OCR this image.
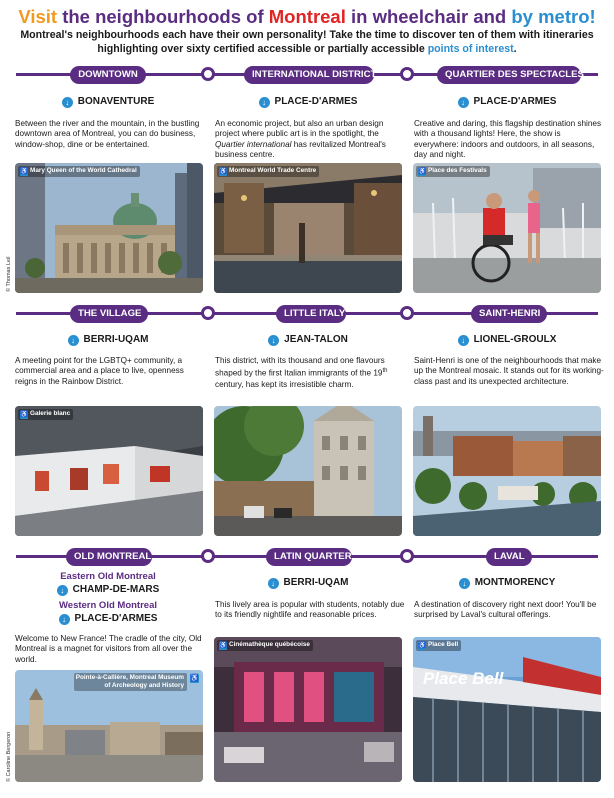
Visit the neighbourhoods of Montreal in wheelchair and by metro!
Montreal's neighbourhoods each have their own personality! Take the time to discover ten of them with itineraries highlighting over sixty certified accessible or partially accessible points of interest.
DOWNTOWN	INTERNATIONAL DISTRICT	QUARTIER DES SPECTACLES
↓ BONAVENTURE	↓ PLACE-D'ARMES	↓ PLACE-D'ARMES
Between the river and the mountain, in the bustling downtown area of Montreal, you can do business, window-shop, dine or be entertained.
An economic project, but also an urban design project where public art is in the spotlight, the Quartier international has revitalized Montreal's business centre.
Creative and daring, this flagship destination shines with a thousand lights! Here, the show is everywhere: indoors and outdoors, in all seasons, day and night.
♿ Mary Queen of the World Cathedral	♿ Montreal World Trade Centre	♿ Place des Festivals
© Thomas Leil
THE VILLAGE	LITTLE ITALY	SAINT-HENRI
↓ BERRI-UQAM	↓ JEAN-TALON	↓ LIONEL-GROULX
A meeting point for the LGBTQ+ community, a commercial area and a place to live, openness reigns in the Rainbow District.
This district, with its thousand and one flavours shaped by the first Italian immigrants of the 19th century, has kept its irresistible charm.
Saint-Henri is one of the neighbourhoods that make up the Montreal mosaic. It stands out for its working-class past and its unexpected architecture.
♿ Galerie blanc
OLD MONTREAL	LATIN QUARTER	LAVAL
Eastern Old Montreal
↓ CHAMP-DE-MARS
Western Old Montreal
↓ PLACE-D'ARMES
↓ BERRI-UQAM	↓ MONTMORENCY
Welcome to New France! The cradle of the city, Old Montreal is a magnet for visitors from all over the world.
This lively area is popular with students, notably due to its friendly nightlife and reasonable prices.
A destination of discovery right next door! You'll be surprised by Laval's cultural offerings.
Pointe-à-Callière, Montreal Museum
of Archeology and History
♿
♿ Cinémathèque québécoise	♿ Place Bell
Place Bell
© Caroline Bergeron
